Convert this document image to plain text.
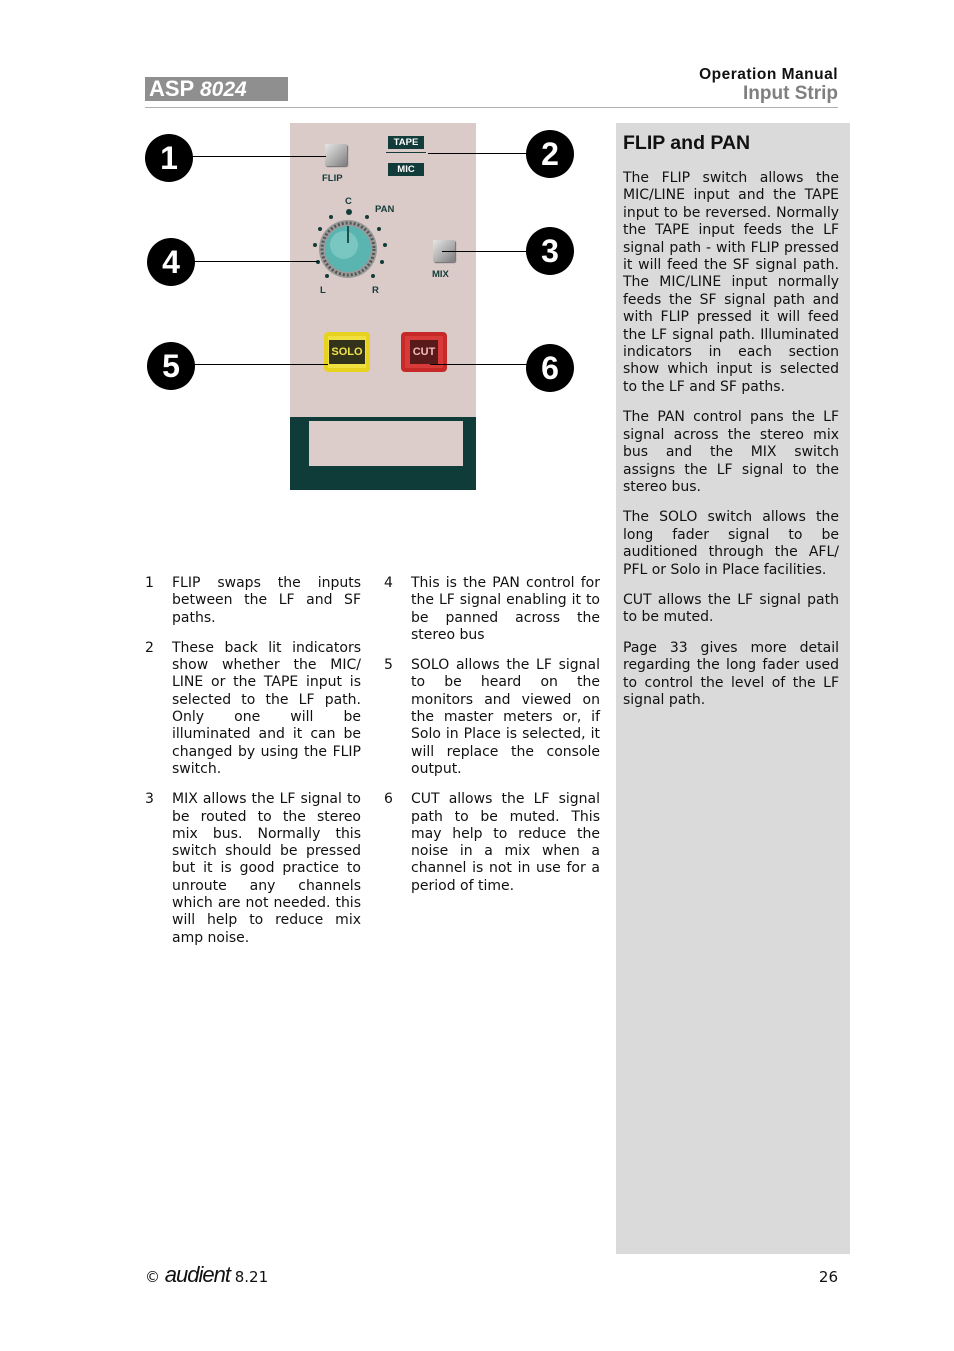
ASP 8024
Operation Manual
Input Strip
FLIP
TAPE
MIC
C
PAN
L	R
MIX
SOLO	CUT
1	2
3
4
5	6
1 FLIP swaps the inputs between the LF and SF paths.
2 These back lit indicators show whether the MIC/ LINE or the TAPE input is selected to the LF path. Only one will be illuminated and it can be changed by using the FLIP switch.
3 MIX allows the LF signal to be routed to the stereo mix bus. Normally this switch should be pressed but it is good practice to unroute any channels which are not needed. this will help to reduce mix amp noise.
4 This is the PAN control for the LF signal enabling it to be panned across the stereo bus
5 SOLO allows the LF signal to be heard on the monitors and viewed on the master meters or, if Solo in Place is selected, it will replace the console output.
6 CUT allows the LF signal path to be muted. This may help to reduce the noise in a mix when a channel is not in use for a period of time.
FLIP and PAN

The FLIP switch allows the MIC/LINE input and the TAPE input to be reversed. Normally the TAPE input feeds the LF signal path - with FLIP pressed it will feed the SF signal path. The MIC/LINE input normally feeds the SF signal path and with FLIP pressed it will feed the LF signal path. Illuminated indicators in each section show which input is selected to the LF and SF paths.

The PAN control pans the LF signal across the stereo mix bus and the MIX switch assigns the LF signal to the stereo bus.

The SOLO switch allows the long fader signal to be auditioned through the AFL/ PFL or Solo in Place facilities.

CUT allows the LF signal path to be muted.

Page 33 gives more detail regarding the long fader used to control the level of the LF signal path.

© audient 8.21	26
